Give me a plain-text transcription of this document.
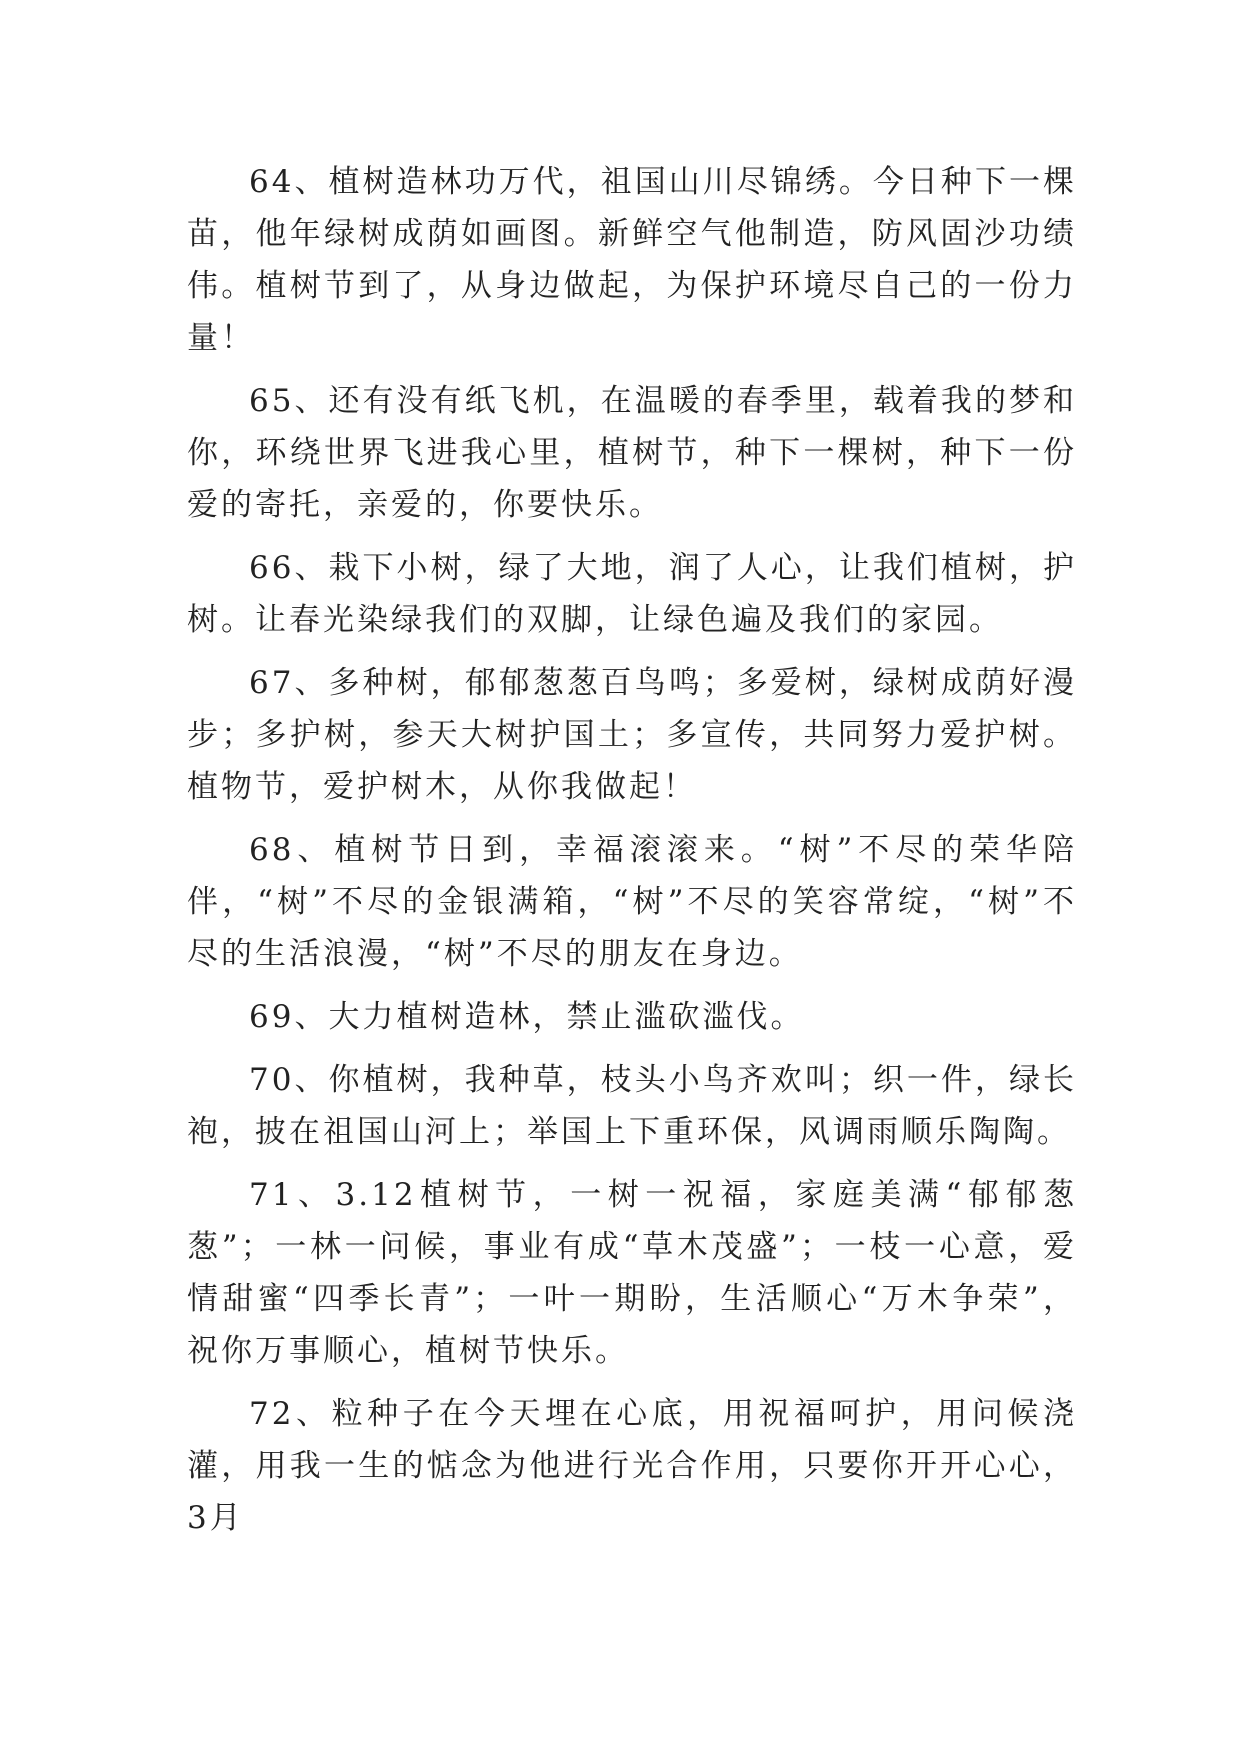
64、植树造林功万代，祖国山川尽锦绣。今日种下一棵苗，他年绿树成荫如画图。新鲜空气他制造，防风固沙功绩伟。植树节到了，从身边做起，为保护环境尽自己的一份力量！

65、还有没有纸飞机，在温暖的春季里，载着我的梦和你，环绕世界飞进我心里，植树节，种下一棵树，种下一份爱的寄托，亲爱的，你要快乐。

66、栽下小树，绿了大地，润了人心，让我们植树，护树。让春光染绿我们的双脚，让绿色遍及我们的家园。

67、多种树，郁郁葱葱百鸟鸣；多爱树，绿树成荫好漫步；多护树，参天大树护国土；多宣传，共同努力爱护树。植物节，爱护树木，从你我做起！

68、植树节日到，幸福滚滚来。“树”不尽的荣华陪伴，“树”不尽的金银满箱，“树”不尽的笑容常绽，“树”不尽的生活浪漫，“树”不尽的朋友在身边。

69、大力植树造林，禁止滥砍滥伐。

70、你植树，我种草，枝头小鸟齐欢叫；织一件，绿长袍，披在祖国山河上；举国上下重环保，风调雨顺乐陶陶。

71、3.12植树节，一树一祝福，家庭美满“郁郁葱葱”；一林一问候，事业有成“草木茂盛”；一枝一心意，爱情甜蜜“四季长青”；一叶一期盼，生活顺心“万木争荣”，祝你万事顺心，植树节快乐。

72、粒种子在今天埋在心底，用祝福呵护，用问候浇灌，用我一生的惦念为他进行光合作用，只要你开开心心，3月
